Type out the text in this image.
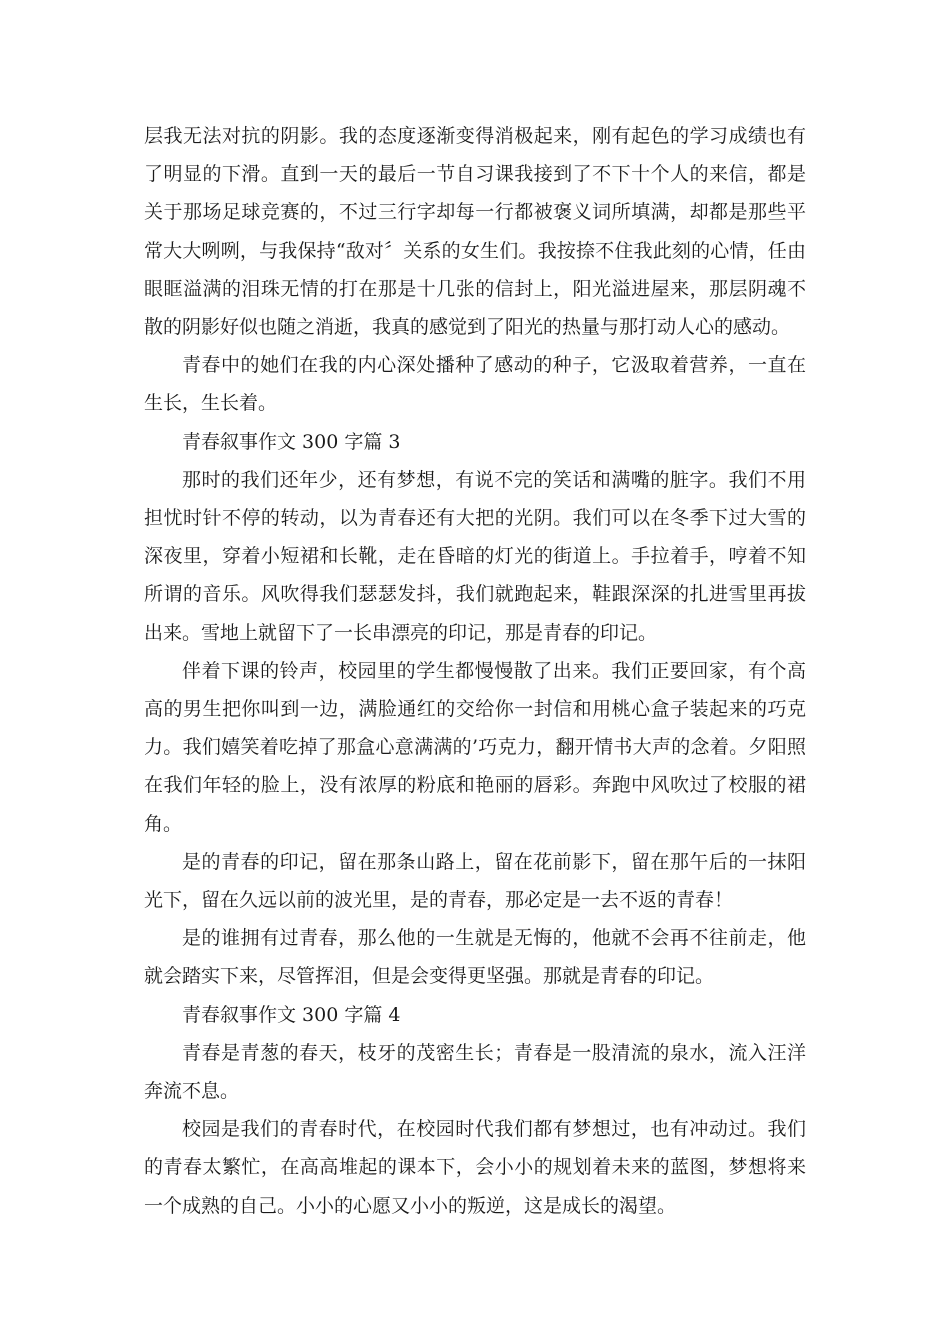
层我无法对抗的阴影。我的态度逐渐变得消极起来，刚有起色的学习成绩也有了明显的下滑。直到一天的最后一节自习课我接到了不下十个人的来信，都是关于那场足球竞赛的，不过三行字却每一行都被褒义词所填满，却都是那些平常大大咧咧，与我保持“敌对〞关系的女生们。我按捺不住我此刻的心情，任由眼眶溢满的泪珠无情的打在那是十几张的信封上，阳光溢进屋来，那层阴魂不散的阴影好似也随之消逝，我真的感觉到了阳光的热量与那打动人心的感动。

青春中的她们在我的内心深处播种了感动的种子，它汲取着营养，一直在生长，生长着。

青春叙事作文 300 字篇 3

那时的我们还年少，还有梦想，有说不完的笑话和满嘴的脏字。我们不用担忧时针不停的转动，以为青春还有大把的光阴。我们可以在冬季下过大雪的深夜里，穿着小短裙和长靴，走在昏暗的灯光的街道上。手拉着手，哼着不知所谓的音乐。风吹得我们瑟瑟发抖，我们就跑起来，鞋跟深深的扎进雪里再拔出来。雪地上就留下了一长串漂亮的印记，那是青春的印记。

伴着下课的铃声，校园里的学生都慢慢散了出来。我们正要回家，有个高高的男生把你叫到一边，满脸通红的交给你一封信和用桃心盒子装起来的巧克力。我们嬉笑着吃掉了那盒心意满满的’巧克力，翻开情书大声的念着。夕阳照在我们年轻的脸上，没有浓厚的粉底和艳丽的唇彩。奔跑中风吹过了校服的裙角。

是的青春的印记，留在那条山路上，留在花前影下，留在那午后的一抹阳光下，留在久远以前的波光里，是的青春，那必定是一去不返的青春！

是的谁拥有过青春，那么他的一生就是无悔的，他就不会再不往前走，他就会踏实下来，尽管挥泪，但是会变得更坚强。那就是青春的印记。

青春叙事作文 300 字篇 4

青春是青葱的春天，枝牙的茂密生长；青春是一股清流的泉水，流入汪洋奔流不息。

校园是我们的青春时代，在校园时代我们都有梦想过，也有冲动过。我们的青春太繁忙，在高高堆起的课本下，会小小的规划着未来的蓝图，梦想将来一个成熟的自己。小小的心愿又小小的叛逆，这是成长的渴望。
